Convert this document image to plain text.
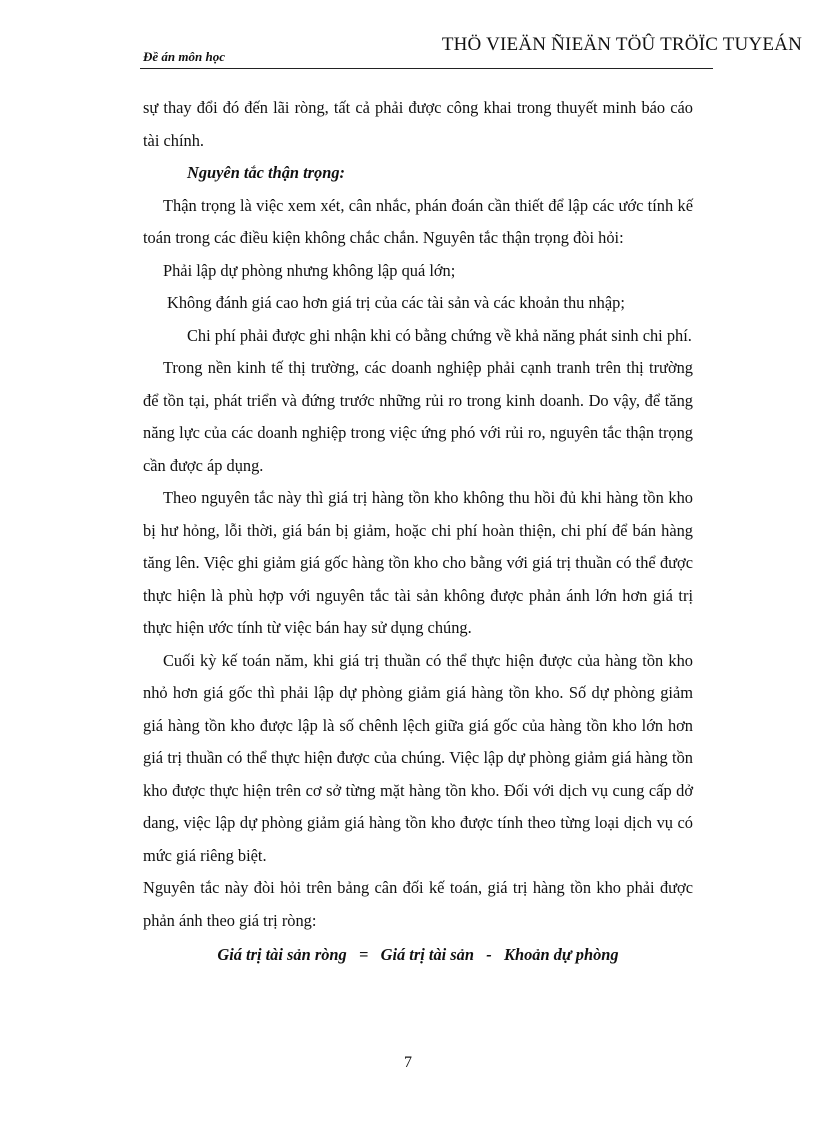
Đề án môn học
THÖ VIEÄN ÑIEÄN TÖÛ TRÖÏC TUYEÁN

sự thay đổi đó đến lãi ròng, tất cả phải được công khai trong thuyết minh báo cáo tài chính.

Nguyên tắc thận trọng:

Thận trọng là việc xem xét, cân nhắc, phán đoán cần thiết để lập các ước tính kế toán trong các điều kiện không chắc chắn. Nguyên tắc thận trọng đòi hỏi:

Phải lập dự phòng nhưng không lập quá lớn;

Không đánh giá cao hơn giá trị của các tài sản và các khoản thu nhập;

Chi phí phải được ghi nhận khi có bằng chứng về khả năng phát sinh chi phí.

Trong nền kinh tế thị trường, các doanh nghiệp phải cạnh tranh trên thị trường để tồn tại, phát triển và đứng trước những rủi ro trong kinh doanh. Do vậy, để tăng năng lực của các doanh nghiệp trong việc ứng phó với rủi ro, nguyên tắc thận trọng cần được áp dụng.

Theo nguyên tắc này thì giá trị hàng tồn kho không thu hồi đủ khi hàng tồn kho bị hư hỏng, lỗi thời, giá bán bị giảm, hoặc chi phí hoàn thiện, chi phí để bán hàng tăng lên. Việc ghi giảm giá gốc hàng tồn kho cho bằng với giá trị thuần có thể được thực hiện là phù hợp với nguyên tắc tài sản không được phản ánh lớn hơn giá trị thực hiện ước tính từ việc bán hay sử dụng chúng.

Cuối kỳ kế toán năm, khi giá trị thuần có thể thực hiện được của hàng tồn kho nhỏ hơn giá gốc thì phải lập dự phòng giảm giá hàng tồn kho. Số dự phòng giảm giá hàng tồn kho được lập là số chênh lệch giữa giá gốc của hàng tồn kho lớn hơn giá trị thuần có thể thực hiện được của chúng. Việc lập dự phòng giảm giá hàng tồn kho được thực hiện trên cơ sở từng mặt hàng tồn kho. Đối với dịch vụ cung cấp dở dang, việc lập dự phòng giảm giá hàng tồn kho được tính theo từng loại dịch vụ có mức giá riêng biệt.

Nguyên tắc này đòi hỏi trên bảng cân đối kế toán, giá trị hàng tồn kho phải được phản ánh theo giá trị ròng:

Giá trị tài sản ròng   =   Giá trị tài sản   -   Khoản dự phòng

7
